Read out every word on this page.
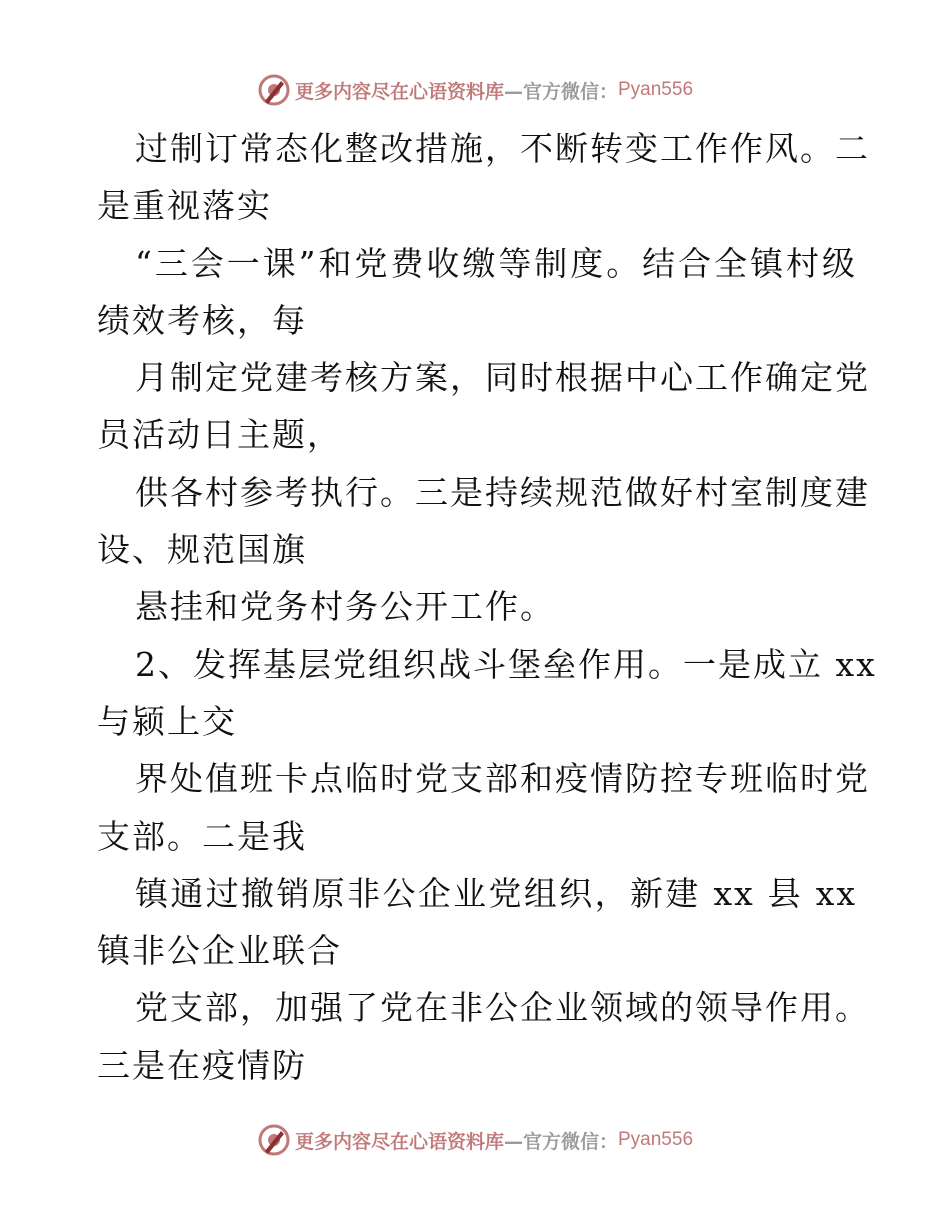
更多内容尽在心语资料库 —官方微信： Pyan556
过制订常态化整改措施，不断转变工作作风。二
是重视落实
“三会一课”和党费收缴等制度。结合全镇村级
绩效考核，每
月制定党建考核方案，同时根据中心工作确定党
员活动日主题，
供各村参考执行。三是持续规范做好村室制度建
设、规范国旗
悬挂和党务村务公开工作。
2、发挥基层党组织战斗堡垒作用。一是成立 xx
与颍上交
界处值班卡点临时党支部和疫情防控专班临时党
支部。二是我
镇通过撤销原非公企业党组织，新建 xx 县 xx
镇非公企业联合
党支部，加强了党在非公企业领域的领导作用。
三是在疫情防
更多内容尽在心语资料库 —官方微信： Pyan556
